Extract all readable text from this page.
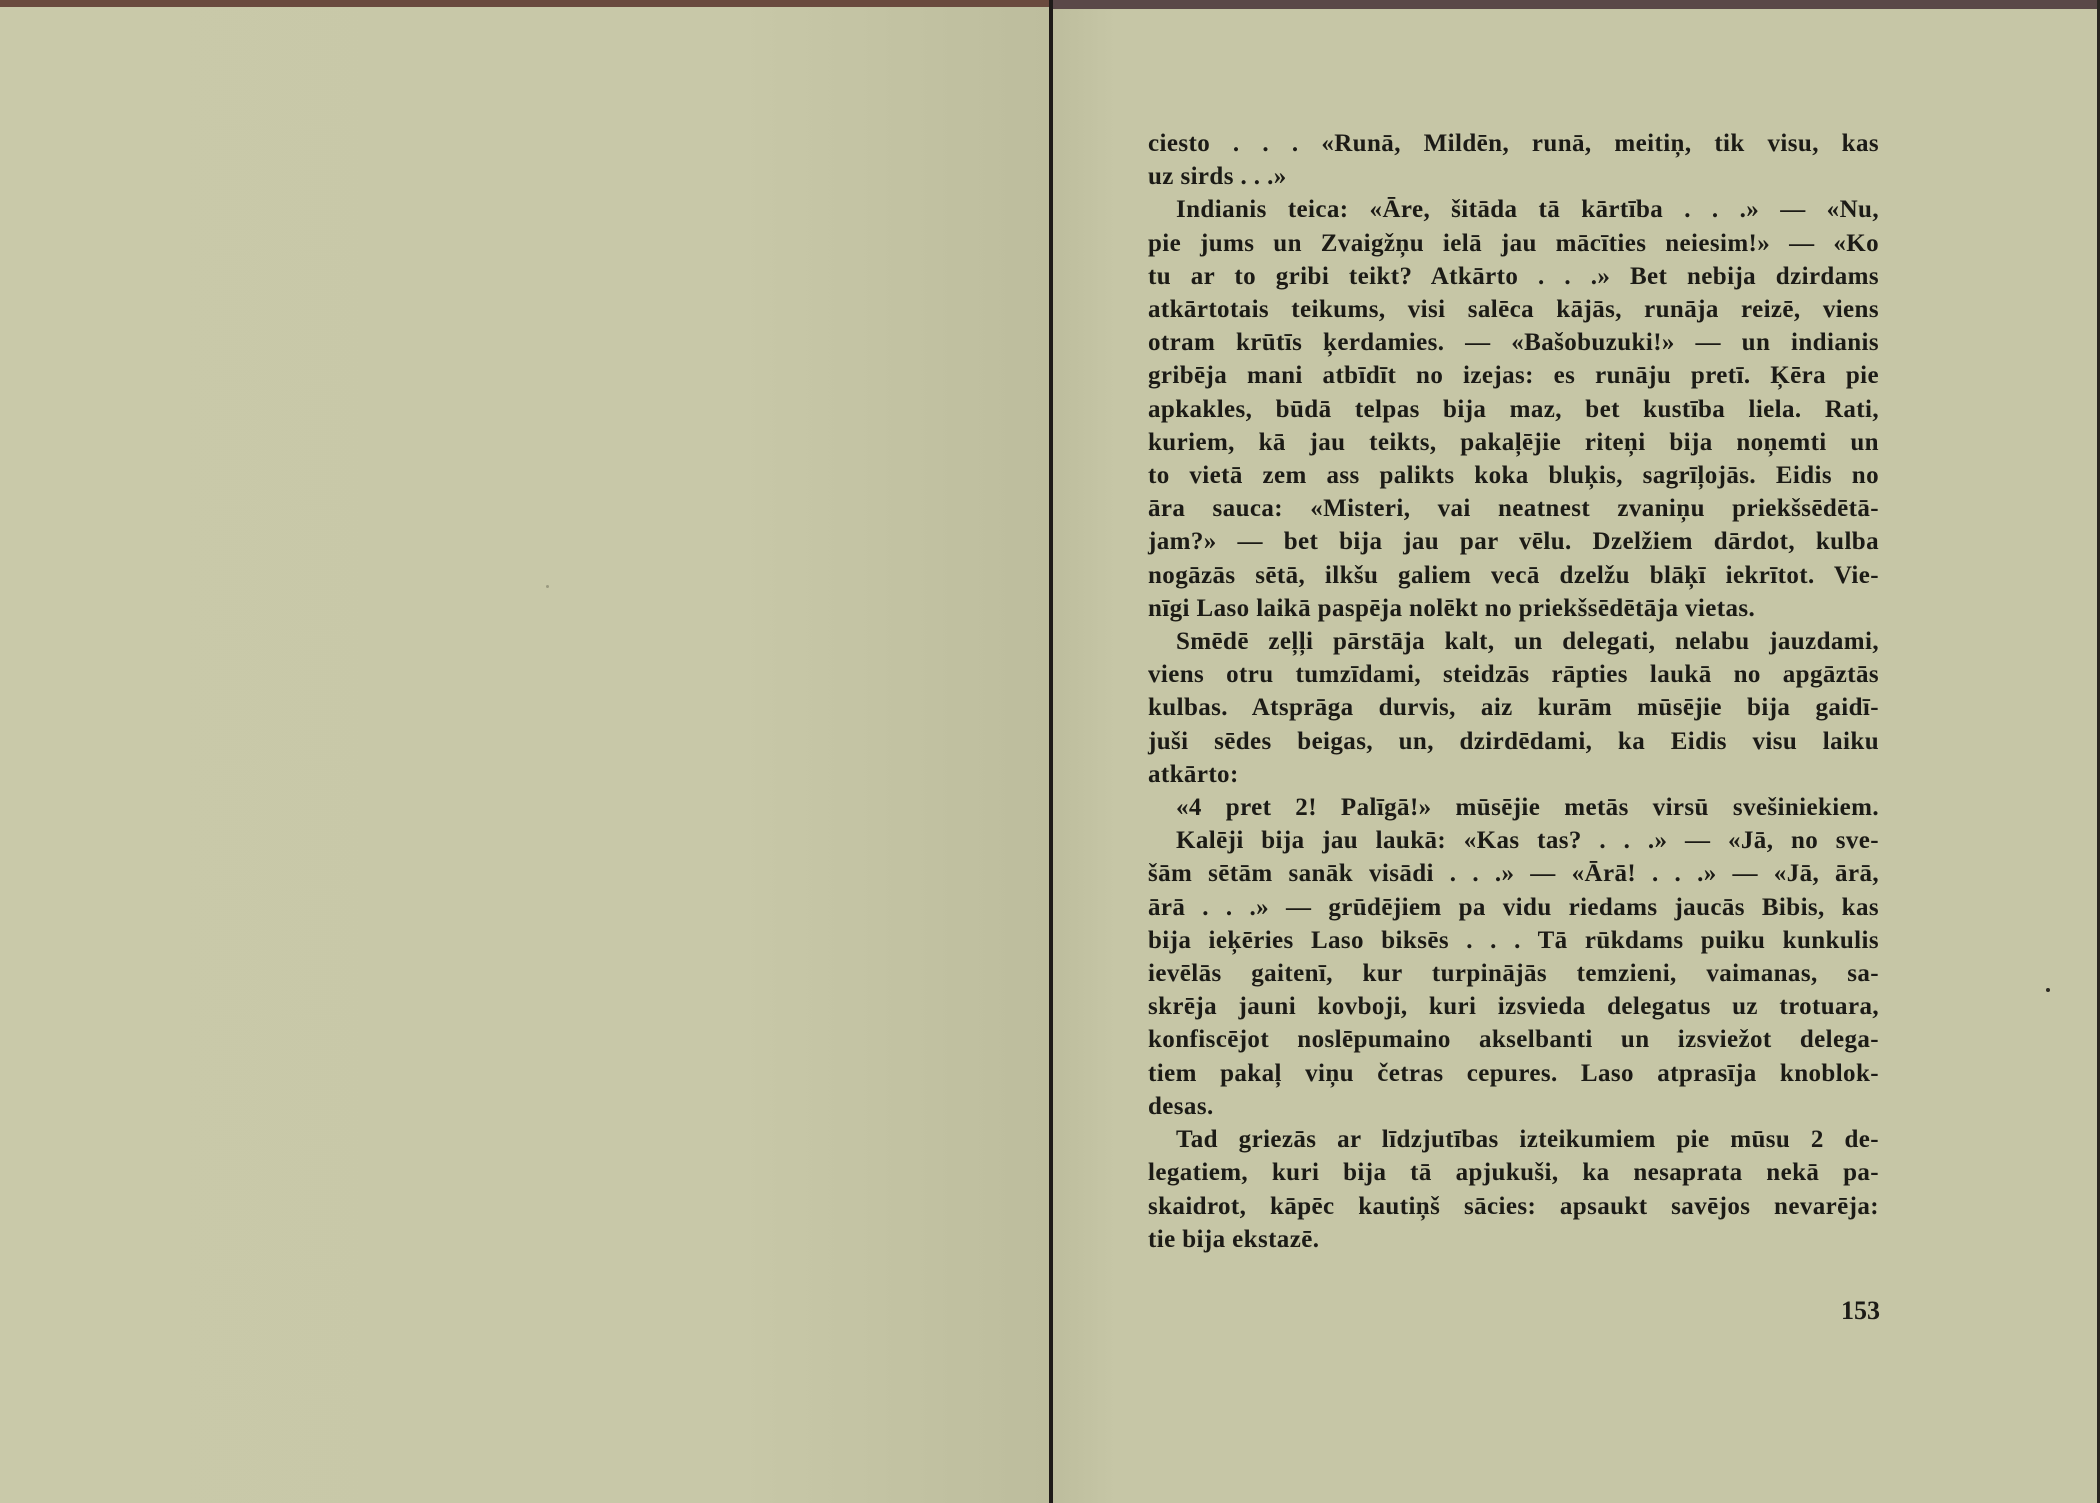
ciesto . . . «Runā, Mildēn, runā, meitiņ, tik visu, kas

uz sirds . . .»

Indianis teica: «Āre, šitāda tā kārtība . . .» — «Nu,

pie jums un Zvaigžņu ielā jau mācīties neiesim!» — «Ko

tu ar to gribi teikt? Atkārto . . .» Bet nebija dzirdams

atkārtotais teikums, visi salēca kājās, runāja reizē, viens

otram krūtīs ķerdamies. — «Bašobuzuki!» — un indianis

gribēja mani atbīdīt no izejas: es runāju pretī. Ķēra pie

apkakles, būdā telpas bija maz, bet kustība liela. Rati,

kuriem, kā jau teikts, pakaļējie riteņi bija noņemti un

to vietā zem ass palikts koka bluķis, sagrīļojās. Eidis no

āra sauca: «Misteri, vai neatnest zvaniņu priekšsēdētā-

jam?» — bet bija jau par vēlu. Dzelžiem dārdot, kulba

nogāzās sētā, ilkšu galiem vecā dzelžu blāķī iekrītot. Vie-

nīgi Laso laikā paspēja nolēkt no priekšsēdētāja vietas.

Smēdē zeļļi pārstāja kalt, un delegati, nelabu jauzdami,

viens otru tumzīdami, steidzās rāpties laukā no apgāztās

kulbas. Atsprāga durvis, aiz kurām mūsējie bija gaidī-

juši sēdes beigas, un, dzirdēdami, ka Eidis visu laiku

atkārto:

«4 pret 2! Palīgā!» mūsējie metās virsū svešiniekiem.

Kalēji bija jau laukā: «Kas tas? . . .» — «Jā, no sve-

šām sētām sanāk visādi . . .» — «Ārā! . . .» — «Jā, ārā,

ārā . . .» — grūdējiem pa vidu riedams jaucās Bibis, kas

bija ieķēries Laso biksēs . . . Tā rūkdams puiku kunkulis

ievēlās gaitenī, kur turpinājās temzieni, vaimanas, sa-

skrēja jauni kovboji, kuri izsvieda delegatus uz trotuara,

konfiscējot noslēpumaino akselbanti un izsviežot delega-

tiem pakaļ viņu četras cepures. Laso atprasīja knoblok-

desas.

Tad griezās ar līdzjutības izteikumiem pie mūsu 2 de-

legatiem, kuri bija tā apjukuši, ka nesaprata nekā pa-

skaidrot, kāpēc kautiņš sācies: apsaukt savējos nevarēja:

tie bija ekstazē.

153
